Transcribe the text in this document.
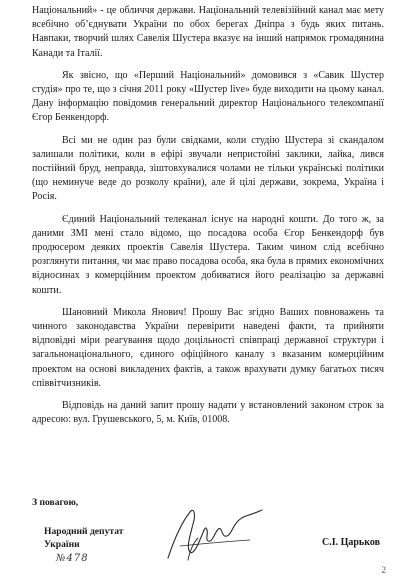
Національний» - це обличчя держави. Національний телевізійний канал має мету всебічно об’єднувати України по обох берегах Дніпра з будь яких питань. Навпаки, творчий шлях Савелія Шустера вказує на інший напрямок громадянина Канади та Італії.

Як звісно, що «Перший Національний» домовився з «Савик Шустер студія» про те, що з січня 2011 року «Шустер live» буде виходити на цьому канал. Дану інформацію повідомив генеральний директор Національного телекомпанії Єгор Бенкендорф.

Всі ми не один раз були свідками, коли студію Шустера зі скандалом залишали політики, коли в ефірі звучали непристойні заклики, лайка, лився постійний бруд, неправда, зіштовхувалися чолами не тільки українські політики (що неминуче веде до розколу країни), але й цілі держави, зокрема, Україна і Росія.

Єдиний Національний телеканал існує на народні кошти. До того ж, за даними ЗМІ мені стало відомо, що посадова особа Єгор Бенкендорф був продюсером деяких проектів Савелія Шустера. Таким чином слід всебічно розглянути питання, чи має право посадова особа, яка була в прямих економічних відносинах з комерційним проектом добиватися його реалізацію за державні кошти.

Шановний Микола Янович! Прошу Вас згідно Ваших повноважень та чинного законодавства України перевірити наведені факти, та прийняти відповідні міри реагування щодо доцільності співпраці державної структури і загальнонаціонального, єдиного офіційного каналу з вказаним комерційним проектом на основі викладених фактів, а також врахувати думку багатьох тисяч співвітчизників.

Відповідь на даний запит прошу надати у встановлений законом строк за адресою: вул. Грушевського, 5, м. Київ, 01008.

З повагою,
Народний депутат
України
№478
С.І. Царьков
2
